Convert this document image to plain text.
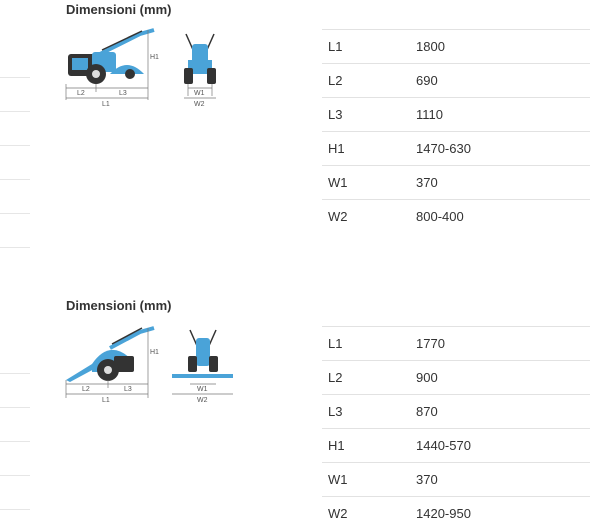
Dimensioni (mm)
H1
L2	L3
L1
W1
W2
L1	1800
L2	690
L3	1110
H1	1470-630
W1	370
W2	800-400
Dimensioni (mm)
H1
L2	L3
L1
W1
W2
L1	1770
L2	900
L3	870
H1	1440-570
W1	370
W2	1420-950
